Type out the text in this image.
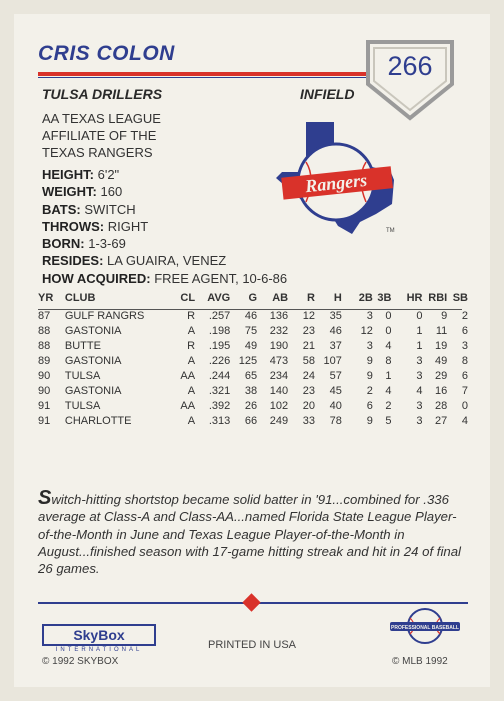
CRIS COLON	266
TULSA DRILLERS	INFIELD
AA TEXAS LEAGUE
AFFILIATE OF THE
TEXAS RANGERS
Rangers
TM
HEIGHT: 6'2"
WEIGHT: 160
BATS: SWITCH
THROWS: RIGHT
BORN: 1-3-69
RESIDES: LA GUAIRA, VENEZ
HOW ACQUIRED: FREE AGENT, 10-6-86
YR	CLUB	CL	AVG	G	AB	R	H	2B	3B	HR	RBI	SB
87	GULF RANGRS	R	.257	46	136	12	35	3	0	0	9	2
88	GASTONIA	A	.198	75	232	23	46	12	0	1	11	6
88	BUTTE	R	.195	49	190	21	37	3	4	1	19	3
89	GASTONIA	A	.226	125	473	58	107	9	8	3	49	8
90	TULSA	AA	.244	65	234	24	57	9	1	3	29	6
90	GASTONIA	A	.321	38	140	23	45	2	4	4	16	7
91	TULSA	AA	.392	26	102	20	40	6	2	3	28	0
91	CHARLOTTE	A	.313	66	249	33	78	9	5	3	27	4
Switch-hitting shortstop became solid batter in '91...combined for .336 average at Class-A and Class-AA...named Florida State League Player-of-the-Month in June and Texas League Player-of-the-Month in August...finished season with 17-game hitting streak and hit in 24 of final 26 games.
SkyBox
INTERNATIONAL
© 1992 SKYBOX
PRINTED IN USA
PROFESSIONAL BASEBALL
© MLB 1992
